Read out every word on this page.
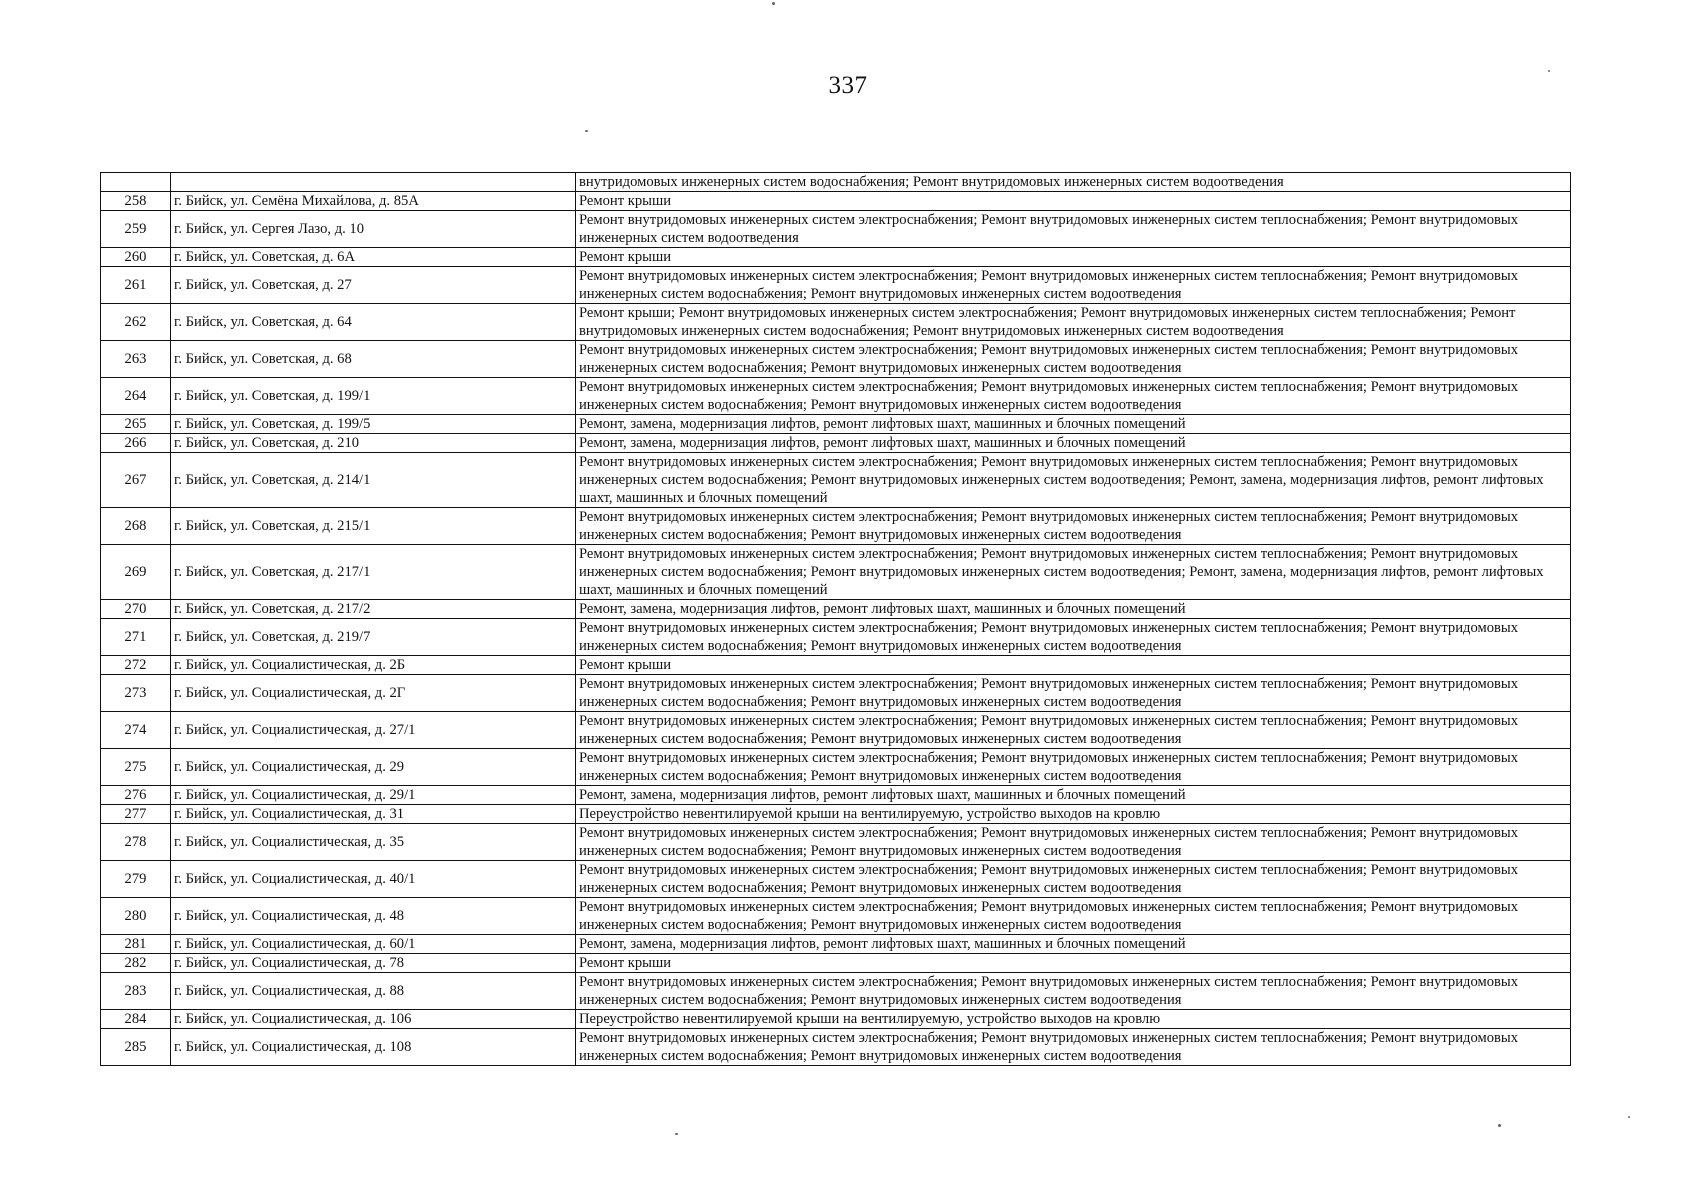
337
		внутридомовых инженерных систем водоснабжения; Ремонт внутридомовых инженерных систем водоотведения
258	г. Бийск, ул. Семёна Михайлова, д. 85А	Ремонт крыши
259	г. Бийск, ул. Сергея Лазо, д. 10	Ремонт внутридомовых инженерных систем электроснабжения; Ремонт внутридомовых инженерных систем теплоснабжения; Ремонт внутридомовых инженерных систем водоотведения
260	г. Бийск, ул. Советская, д. 6А	Ремонт крыши
261	г. Бийск, ул. Советская, д. 27	Ремонт внутридомовых инженерных систем электроснабжения; Ремонт внутридомовых инженерных систем теплоснабжения; Ремонт внутридомовых инженерных систем водоснабжения; Ремонт внутридомовых инженерных систем водоотведения
262	г. Бийск, ул. Советская, д. 64	Ремонт крыши; Ремонт внутридомовых инженерных систем электроснабжения; Ремонт внутридомовых инженерных систем теплоснабжения; Ремонт внутридомовых инженерных систем водоснабжения; Ремонт внутридомовых инженерных систем водоотведения
263	г. Бийск, ул. Советская, д. 68	Ремонт внутридомовых инженерных систем электроснабжения; Ремонт внутридомовых инженерных систем теплоснабжения; Ремонт внутридомовых инженерных систем водоснабжения; Ремонт внутридомовых инженерных систем водоотведения
264	г. Бийск, ул. Советская, д. 199/1	Ремонт внутридомовых инженерных систем электроснабжения; Ремонт внутридомовых инженерных систем теплоснабжения; Ремонт внутридомовых инженерных систем водоснабжения; Ремонт внутридомовых инженерных систем водоотведения
265	г. Бийск, ул. Советская, д. 199/5	Ремонт, замена, модернизация лифтов, ремонт лифтовых шахт, машинных и блочных помещений
266	г. Бийск, ул. Советская, д. 210	Ремонт, замена, модернизация лифтов, ремонт лифтовых шахт, машинных и блочных помещений
267	г. Бийск, ул. Советская, д. 214/1	Ремонт внутридомовых инженерных систем электроснабжения; Ремонт внутридомовых инженерных систем теплоснабжения; Ремонт внутридомовых инженерных систем водоснабжения; Ремонт внутридомовых инженерных систем водоотведения; Ремонт, замена, модернизация лифтов, ремонт лифтовых шахт, машинных и блочных помещений
268	г. Бийск, ул. Советская, д. 215/1	Ремонт внутридомовых инженерных систем электроснабжения; Ремонт внутридомовых инженерных систем теплоснабжения; Ремонт внутридомовых инженерных систем водоснабжения; Ремонт внутридомовых инженерных систем водоотведения
269	г. Бийск, ул. Советская, д. 217/1	Ремонт внутридомовых инженерных систем электроснабжения; Ремонт внутридомовых инженерных систем теплоснабжения; Ремонт внутридомовых инженерных систем водоснабжения; Ремонт внутридомовых инженерных систем водоотведения; Ремонт, замена, модернизация лифтов, ремонт лифтовых шахт, машинных и блочных помещений
270	г. Бийск, ул. Советская, д. 217/2	Ремонт, замена, модернизация лифтов, ремонт лифтовых шахт, машинных и блочных помещений
271	г. Бийск, ул. Советская, д. 219/7	Ремонт внутридомовых инженерных систем электроснабжения; Ремонт внутридомовых инженерных систем теплоснабжения; Ремонт внутридомовых инженерных систем водоснабжения; Ремонт внутридомовых инженерных систем водоотведения
272	г. Бийск, ул. Социалистическая, д. 2Б	Ремонт крыши
273	г. Бийск, ул. Социалистическая, д. 2Г	Ремонт внутридомовых инженерных систем электроснабжения; Ремонт внутридомовых инженерных систем теплоснабжения; Ремонт внутридомовых инженерных систем водоснабжения; Ремонт внутридомовых инженерных систем водоотведения
274	г. Бийск, ул. Социалистическая, д. 27/1	Ремонт внутридомовых инженерных систем электроснабжения; Ремонт внутридомовых инженерных систем теплоснабжения; Ремонт внутридомовых инженерных систем водоснабжения; Ремонт внутридомовых инженерных систем водоотведения
275	г. Бийск, ул. Социалистическая, д. 29	Ремонт внутридомовых инженерных систем электроснабжения; Ремонт внутридомовых инженерных систем теплоснабжения; Ремонт внутридомовых инженерных систем водоснабжения; Ремонт внутридомовых инженерных систем водоотведения
276	г. Бийск, ул. Социалистическая, д. 29/1	Ремонт, замена, модернизация лифтов, ремонт лифтовых шахт, машинных и блочных помещений
277	г. Бийск, ул. Социалистическая, д. 31	Переустройство невентилируемой крыши на вентилируемую, устройство выходов на кровлю
278	г. Бийск, ул. Социалистическая, д. 35	Ремонт внутридомовых инженерных систем электроснабжения; Ремонт внутридомовых инженерных систем теплоснабжения; Ремонт внутридомовых инженерных систем водоснабжения; Ремонт внутридомовых инженерных систем водоотведения
279	г. Бийск, ул. Социалистическая, д. 40/1	Ремонт внутридомовых инженерных систем электроснабжения; Ремонт внутридомовых инженерных систем теплоснабжения; Ремонт внутридомовых инженерных систем водоснабжения; Ремонт внутридомовых инженерных систем водоотведения
280	г. Бийск, ул. Социалистическая, д. 48	Ремонт внутридомовых инженерных систем электроснабжения; Ремонт внутридомовых инженерных систем теплоснабжения; Ремонт внутридомовых инженерных систем водоснабжения; Ремонт внутридомовых инженерных систем водоотведения
281	г. Бийск, ул. Социалистическая, д. 60/1	Ремонт, замена, модернизация лифтов, ремонт лифтовых шахт, машинных и блочных помещений
282	г. Бийск, ул. Социалистическая, д. 78	Ремонт крыши
283	г. Бийск, ул. Социалистическая, д. 88	Ремонт внутридомовых инженерных систем электроснабжения; Ремонт внутридомовых инженерных систем теплоснабжения; Ремонт внутридомовых инженерных систем водоснабжения; Ремонт внутридомовых инженерных систем водоотведения
284	г. Бийск, ул. Социалистическая, д. 106	Переустройство невентилируемой крыши на вентилируемую, устройство выходов на кровлю
285	г. Бийск, ул. Социалистическая, д. 108	Ремонт внутридомовых инженерных систем электроснабжения; Ремонт внутридомовых инженерных систем теплоснабжения; Ремонт внутридомовых инженерных систем водоснабжения; Ремонт внутридомовых инженерных систем водоотведения
